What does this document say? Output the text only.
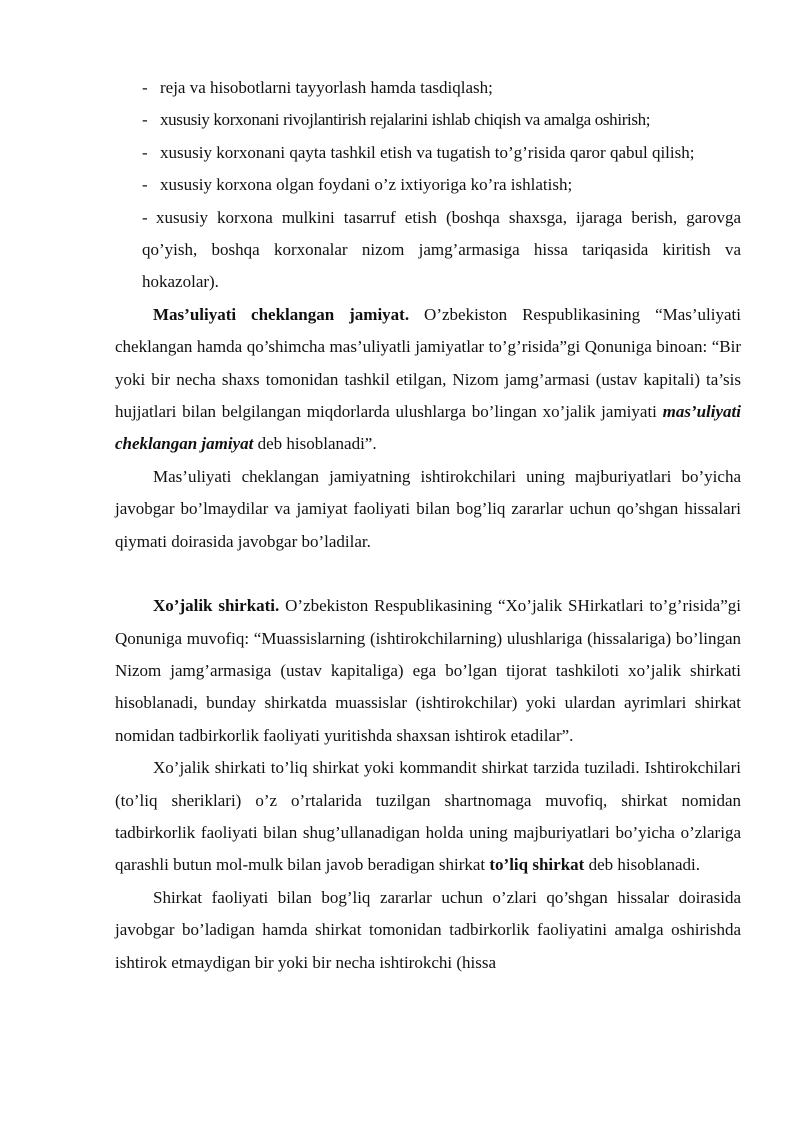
- reja va hisobotlarni tayyorlash hamda tasdiqlash;
- xususiy korxonani rivojlantirish rejalarini ishlab chiqish va amalga oshirish;
- xususiy korxonani qayta tashkil etish va tugatish to’g’risida qaror qabul qilish;
- xususiy korxona olgan foydani o’z ixtiyoriga ko’ra ishlatish;
- xususiy korxona mulkini tasarruf etish (boshqa shaxsga, ijaraga berish, garovga qo’yish, boshqa korxonalar nizom jamg’armasiga hissa tariqasida kiritish va hokazolar).

Mas’uliyati cheklangan jamiyat. O’zbekiston Respublikasining “Mas’uliyati cheklangan hamda qo’shimcha mas’uliyatli jamiyatlar to’g’risida”gi Qonuniga binoan: “Bir yoki bir necha shaxs tomonidan tashkil etilgan, Nizom jamg’armasi (ustav kapitali) ta’sis hujjatlari bilan belgilangan miqdorlarda ulushlarga bo’lingan xo’jalik jamiyati mas’uliyati cheklangan jamiyat deb hisoblanadi”.

Mas’uliyati cheklangan jamiyatning ishtirokchilari uning majburiyatlari bo’yicha javobgar bo’lmaydilar va jamiyat faoliyati bilan bog’liq zararlar uchun qo’shgan hissalari qiymati doirasida javobgar bo’ladilar.

Xo’jalik shirkati. O’zbekiston Respublikasining “Xo’jalik SHirkatlari to’g’risida”gi Qonuniga muvofiq: “Muassislarning (ishtirokchilarning) ulushlariga (hissalariga) bo’lingan Nizom jamg’armasiga (ustav kapitaliga) ega bo’lgan tijorat tashkiloti xo’jalik shirkati hisoblanadi, bunday shirkatda muassislar (ishtirokchilar) yoki ulardan ayrimlari shirkat nomidan tadbirkorlik faoliyati yuritishda shaxsan ishtirok etadilar”.

Xo’jalik shirkati to’liq shirkat yoki kommandit shirkat tarzida tuziladi. Ishtirokchilari (to’liq sheriklari) o’z o’rtalarida tuzilgan shartnomaga muvofiq, shirkat nomidan tadbirkorlik faoliyati bilan shug’ullanadigan holda uning majburiyatlari bo’yicha o’zlariga qarashli butun mol-mulk bilan javob beradigan shirkat to’liq shirkat deb hisoblanadi.

Shirkat faoliyati bilan bog’liq zararlar uchun o’zlari qo’shgan hissalar doirasida javobgar bo’ladigan hamda shirkat tomonidan tadbirkorlik faoliyatini amalga oshirishda ishtirok etmaydigan bir yoki bir necha ishtirokchi (hissa
